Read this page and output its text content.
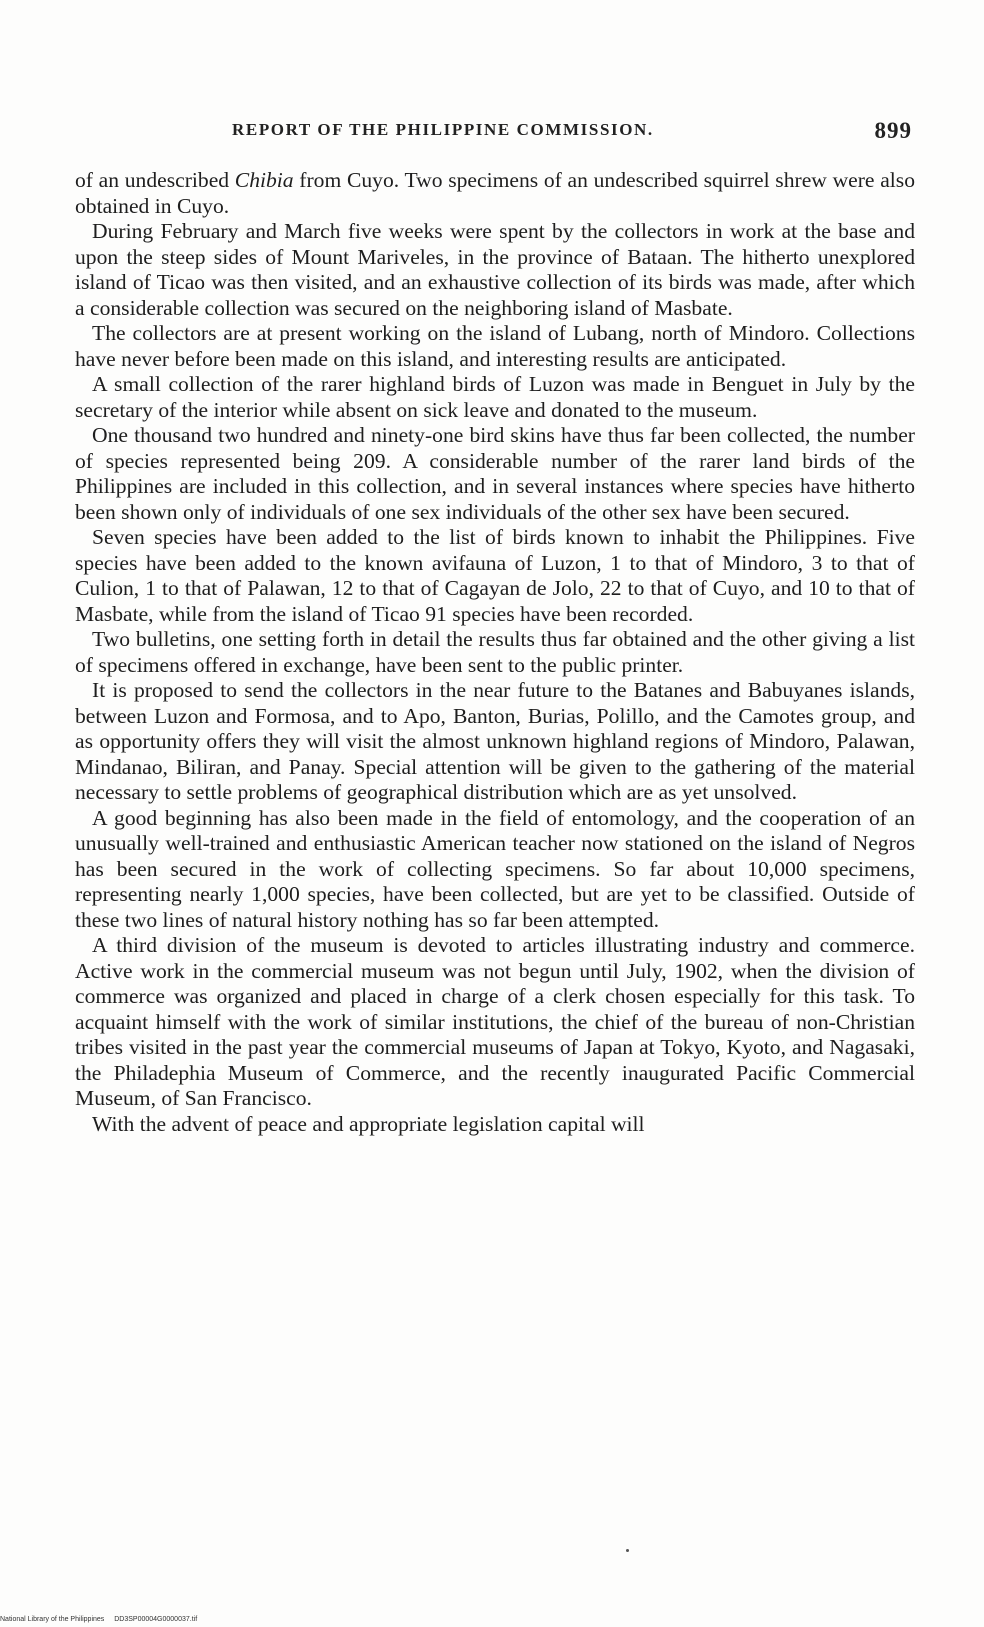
REPORT OF THE PHILIPPINE COMMISSION.	899

of an undescribed Chibia from Cuyo. Two specimens of an undescribed squirrel shrew were also obtained in Cuyo.

During February and March five weeks were spent by the collectors in work at the base and upon the steep sides of Mount Mariveles, in the province of Bataan. The hitherto unexplored island of Ticao was then visited, and an exhaustive collection of its birds was made, after which a considerable collection was secured on the neighboring island of Masbate.

The collectors are at present working on the island of Lubang, north of Mindoro. Collections have never before been made on this island, and interesting results are anticipated.

A small collection of the rarer highland birds of Luzon was made in Benguet in July by the secretary of the interior while absent on sick leave and donated to the museum.

One thousand two hundred and ninety-one bird skins have thus far been collected, the number of species represented being 209. A considerable number of the rarer land birds of the Philippines are included in this collection, and in several instances where species have hitherto been shown only of individuals of one sex individuals of the other sex have been secured.

Seven species have been added to the list of birds known to inhabit the Philippines. Five species have been added to the known avifauna of Luzon, 1 to that of Mindoro, 3 to that of Culion, 1 to that of Palawan, 12 to that of Cagayan de Jolo, 22 to that of Cuyo, and 10 to that of Masbate, while from the island of Ticao 91 species have been recorded.

Two bulletins, one setting forth in detail the results thus far obtained and the other giving a list of specimens offered in exchange, have been sent to the public printer.

It is proposed to send the collectors in the near future to the Batanes and Babuyanes islands, between Luzon and Formosa, and to Apo, Banton, Burias, Polillo, and the Camotes group, and as opportunity offers they will visit the almost unknown highland regions of Mindoro, Palawan, Mindanao, Biliran, and Panay. Special attention will be given to the gathering of the material necessary to settle problems of geographical distribution which are as yet unsolved.

A good beginning has also been made in the field of entomology, and the cooperation of an unusually well-trained and enthusiastic American teacher now stationed on the island of Negros has been secured in the work of collecting specimens. So far about 10,000 specimens, representing nearly 1,000 species, have been collected, but are yet to be classified. Outside of these two lines of natural history nothing has so far been attempted.

A third division of the museum is devoted to articles illustrating industry and commerce. Active work in the commercial museum was not begun until July, 1902, when the division of commerce was organized and placed in charge of a clerk chosen especially for this task. To acquaint himself with the work of similar institutions, the chief of the bureau of non-Christian tribes visited in the past year the commercial museums of Japan at Tokyo, Kyoto, and Nagasaki, the Philadephia Museum of Commerce, and the recently inaugurated Pacific Commercial Museum, of San Francisco.

With the advent of peace and appropriate legislation capital will

National Library of the Philippines DD3SP00004G0000037.tif
